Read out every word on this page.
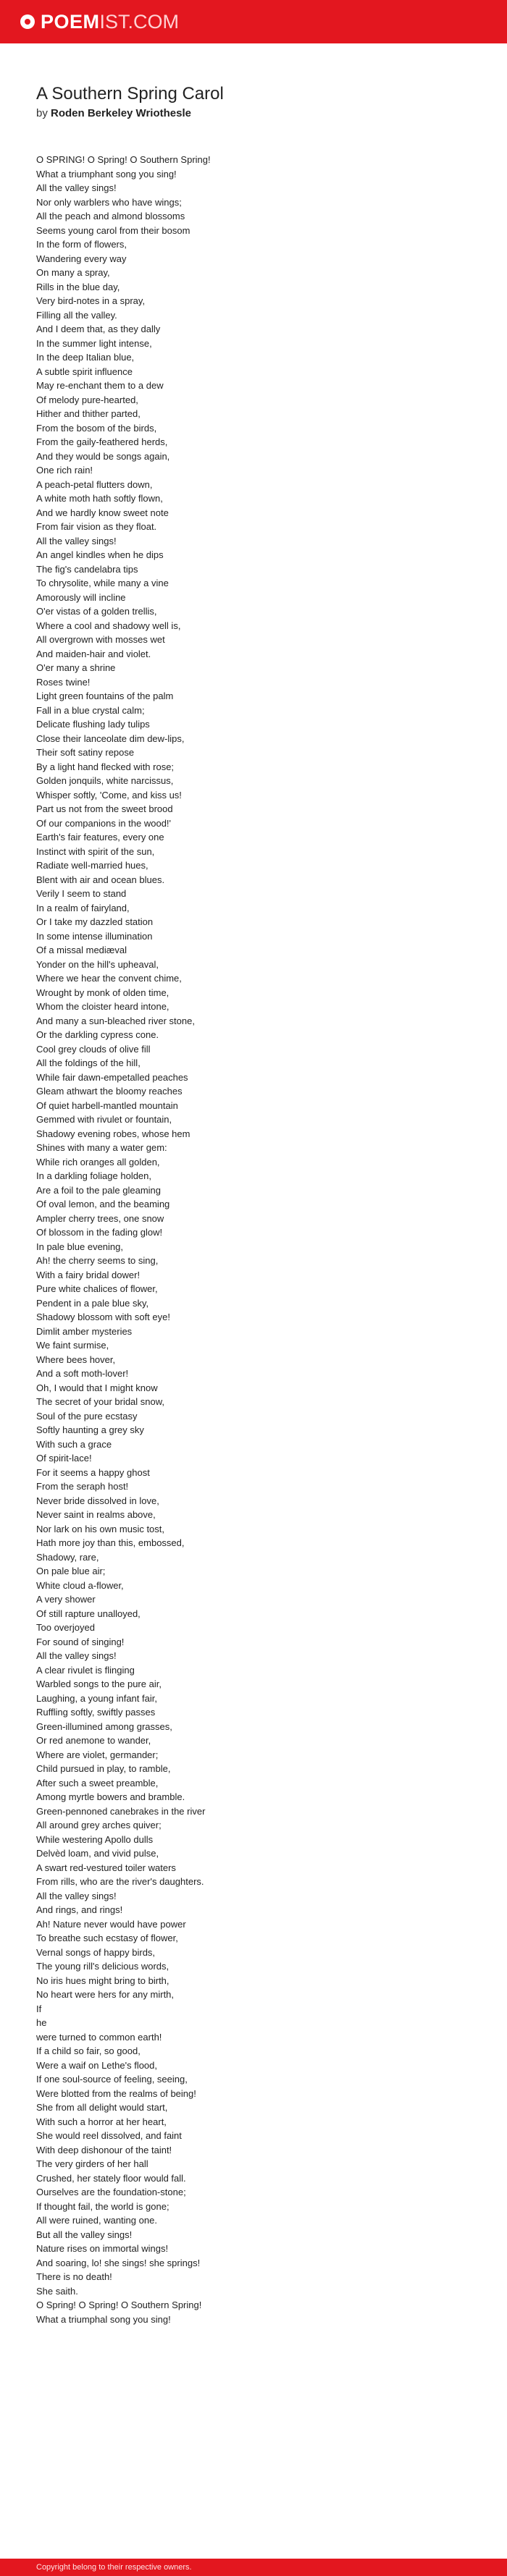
POEM IST.COM
A Southern Spring Carol
by Roden Berkeley Wriothesle
O SPRING! O Spring! O Southern Spring!
What a triumphant song you sing!
All the valley sings!
Nor only warblers who have wings;
All the peach and almond blossoms
Seems young carol from their bosom
In the form of flowers,
Wandering every way
On many a spray,
Rills in the blue day,
Very bird-notes in a spray,
Filling all the valley.
And I deem that, as they dally
In the summer light intense,
In the deep Italian blue,
A subtle spirit influence
May re-enchant them to a dew
Of melody pure-hearted,
Hither and thither parted,
From the bosom of the birds,
From the gaily-feathered herds,
And they would be songs again,
One rich rain!
A peach-petal flutters down,
A white moth hath softly flown,
And we hardly know sweet note
From fair vision as they float.
All the valley sings!
An angel kindles when he dips
The fig's candelabra tips
To chrysolite, while many a vine
Amorously will incline
O'er vistas of a golden trellis,
Where a cool and shadowy well is,
All overgrown with mosses wet
And maiden-hair and violet.
O'er many a shrine
Roses twine!
Light green fountains of the palm
Fall in a blue crystal calm;
Delicate flushing lady tulips
Close their lanceolate dim dew-lips,
Their soft satiny repose
By a light hand flecked with rose;
Golden jonquils, white narcissus,
Whisper softly, 'Come, and kiss us!
Part us not from the sweet brood
Of our companions in the wood!'
Earth's fair features, every one
Instinct with spirit of the sun,
Radiate well-married hues,
Blent with air and ocean blues.
Verily I seem to stand
In a realm of fairyland,
Or I take my dazzled station
In some intense illumination
Of a missal mediæval
Yonder on the hill's upheaval,
Where we hear the convent chime,
Wrought by monk of olden time,
Whom the cloister heard intone,
And many a sun-bleached river stone,
Or the darkling cypress cone.
Cool grey clouds of olive fill
All the foldings of the hill,
While fair dawn-empetalled peaches
Gleam athwart the bloomy reaches
Of quiet harbell-mantled mountain
Gemmed with rivulet or fountain,
Shadowy evening robes, whose hem
Shines with many a water gem:
While rich oranges all golden,
In a darkling foliage holden,
Are a foil to the pale gleaming
Of oval lemon, and the beaming
Ampler cherry trees, one snow
Of blossom in the fading glow!
In pale blue evening,
Ah! the cherry seems to sing,
With a fairy bridal dower!
Pure white chalices of flower,
Pendent in a pale blue sky,
Shadowy blossom with soft eye!
Dimlit amber mysteries
We faint surmise,
Where bees hover,
And a soft moth-lover!
Oh, I would that I might know
The secret of your bridal snow,
Soul of the pure ecstasy
Softly haunting a grey sky
With such a grace
Of spirit-lace!
For it seems a happy ghost
From the seraph host!
Never bride dissolved in love,
Never saint in realms above,
Nor lark on his own music tost,
Hath more joy than this, embossed,
Shadowy, rare,
On pale blue air;
White cloud a-flower,
A very shower
Of still rapture unalloyed,
Too overjoyed
For sound of singing!
All the valley sings!
A clear rivulet is flinging
Warbled songs to the pure air,
Laughing, a young infant fair,
Ruffling softly, swiftly passes
Green-illumined among grasses,
Or red anemone to wander,
Where are violet, germander;
Child pursued in play, to ramble,
After such a sweet preamble,
Among myrtle bowers and bramble.
Green-pennoned canebrakes in the river
All around grey arches quiver;
While westering Apollo dulls
Delvèd loam, and vivid pulse,
A swart red-vestured toiler waters
From rills, who are the river's daughters.
All the valley sings!
And rings, and rings!
Ah! Nature never would have power
To breathe such ecstasy of flower,
Vernal songs of happy birds,
The young rill's delicious words,
No iris hues might bring to birth,
No heart were hers for any mirth,
If
he
were turned to common earth!
If a child so fair, so good,
Were a waif on Lethe's flood,
If one soul-source of feeling, seeing,
Were blotted from the realms of being!
She from all delight would start,
With such a horror at her heart,
She would reel dissolved, and faint
With deep dishonour of the taint!
The very girders of her hall
Crushed, her stately floor would fall.
Ourselves are the foundation-stone;
If thought fail, the world is gone;
All were ruined, wanting one.
But all the valley sings!
Nature rises on immortal wings!
And soaring, lo! she sings! she springs!
There is no death!
She saith.
O Spring! O Spring! O Southern Spring!
What a triumphal song you sing!
Copyright belong to their respective owners.
